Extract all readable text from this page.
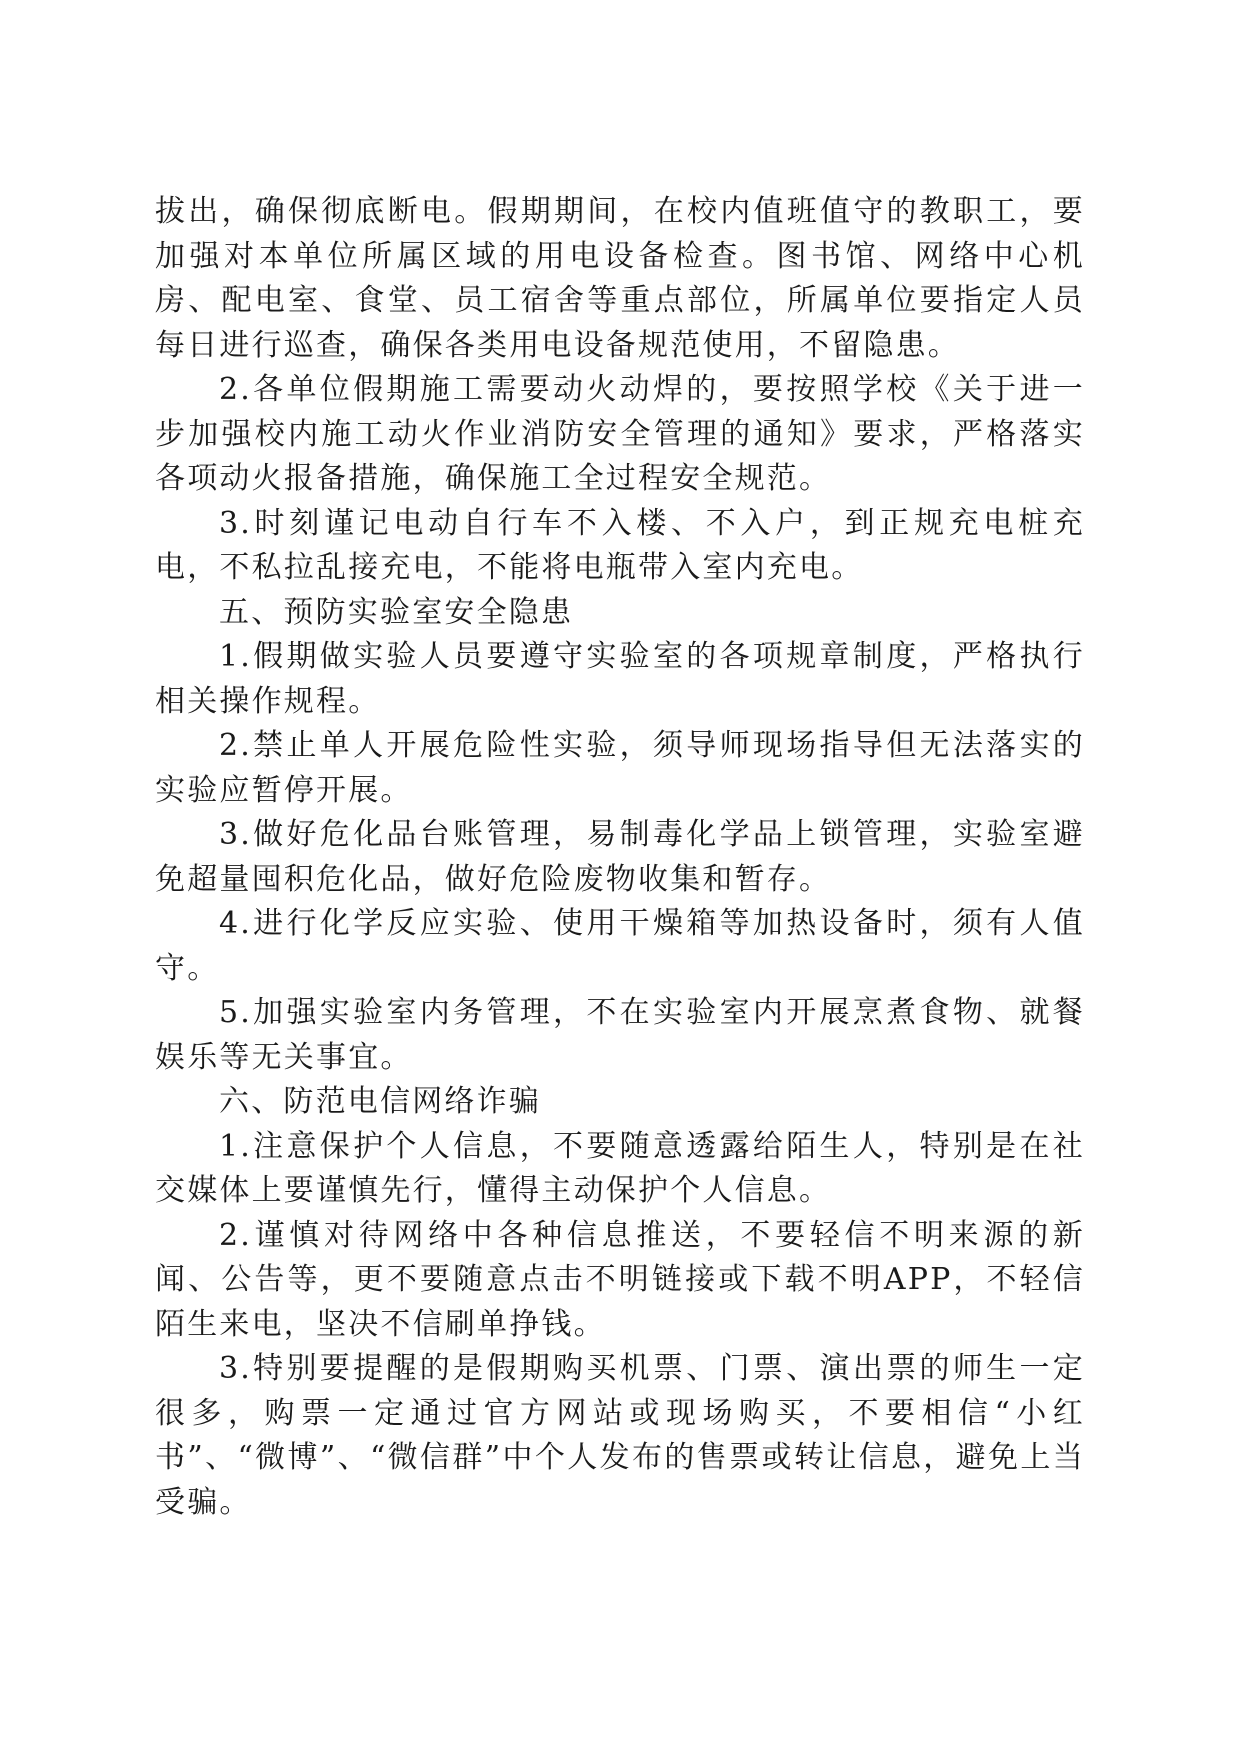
拔出，确保彻底断电。假期期间，在校内值班值守的教职工，要加强对本单位所属区域的用电设备检查。图书馆、网络中心机房、配电室、食堂、员工宿舍等重点部位，所属单位要指定人员每日进行巡查，确保各类用电设备规范使用，不留隐患。

2.各单位假期施工需要动火动焊的，要按照学校《关于进一步加强校内施工动火作业消防安全管理的通知》要求，严格落实各项动火报备措施，确保施工全过程安全规范。

3.时刻谨记电动自行车不入楼、不入户，到正规充电桩充电，不私拉乱接充电，不能将电瓶带入室内充电。

五、预防实验室安全隐患

1.假期做实验人员要遵守实验室的各项规章制度，严格执行相关操作规程。

2.禁止单人开展危险性实验，须导师现场指导但无法落实的实验应暂停开展。

3.做好危化品台账管理，易制毒化学品上锁管理，实验室避免超量囤积危化品，做好危险废物收集和暂存。

4.进行化学反应实验、使用干燥箱等加热设备时，须有人值守。

5.加强实验室内务管理，不在实验室内开展烹煮食物、就餐娱乐等无关事宜。

六、防范电信网络诈骗

1.注意保护个人信息，不要随意透露给陌生人，特别是在社交媒体上要谨慎先行，懂得主动保护个人信息。

2.谨慎对待网络中各种信息推送，不要轻信不明来源的新闻、公告等，更不要随意点击不明链接或下载不明APP，不轻信陌生来电，坚决不信刷单挣钱。

3.特别要提醒的是假期购买机票、门票、演出票的师生一定很多，购票一定通过官方网站或现场购买，不要相信“小红书”、“微博”、“微信群”中个人发布的售票或转让信息，避免上当受骗。
